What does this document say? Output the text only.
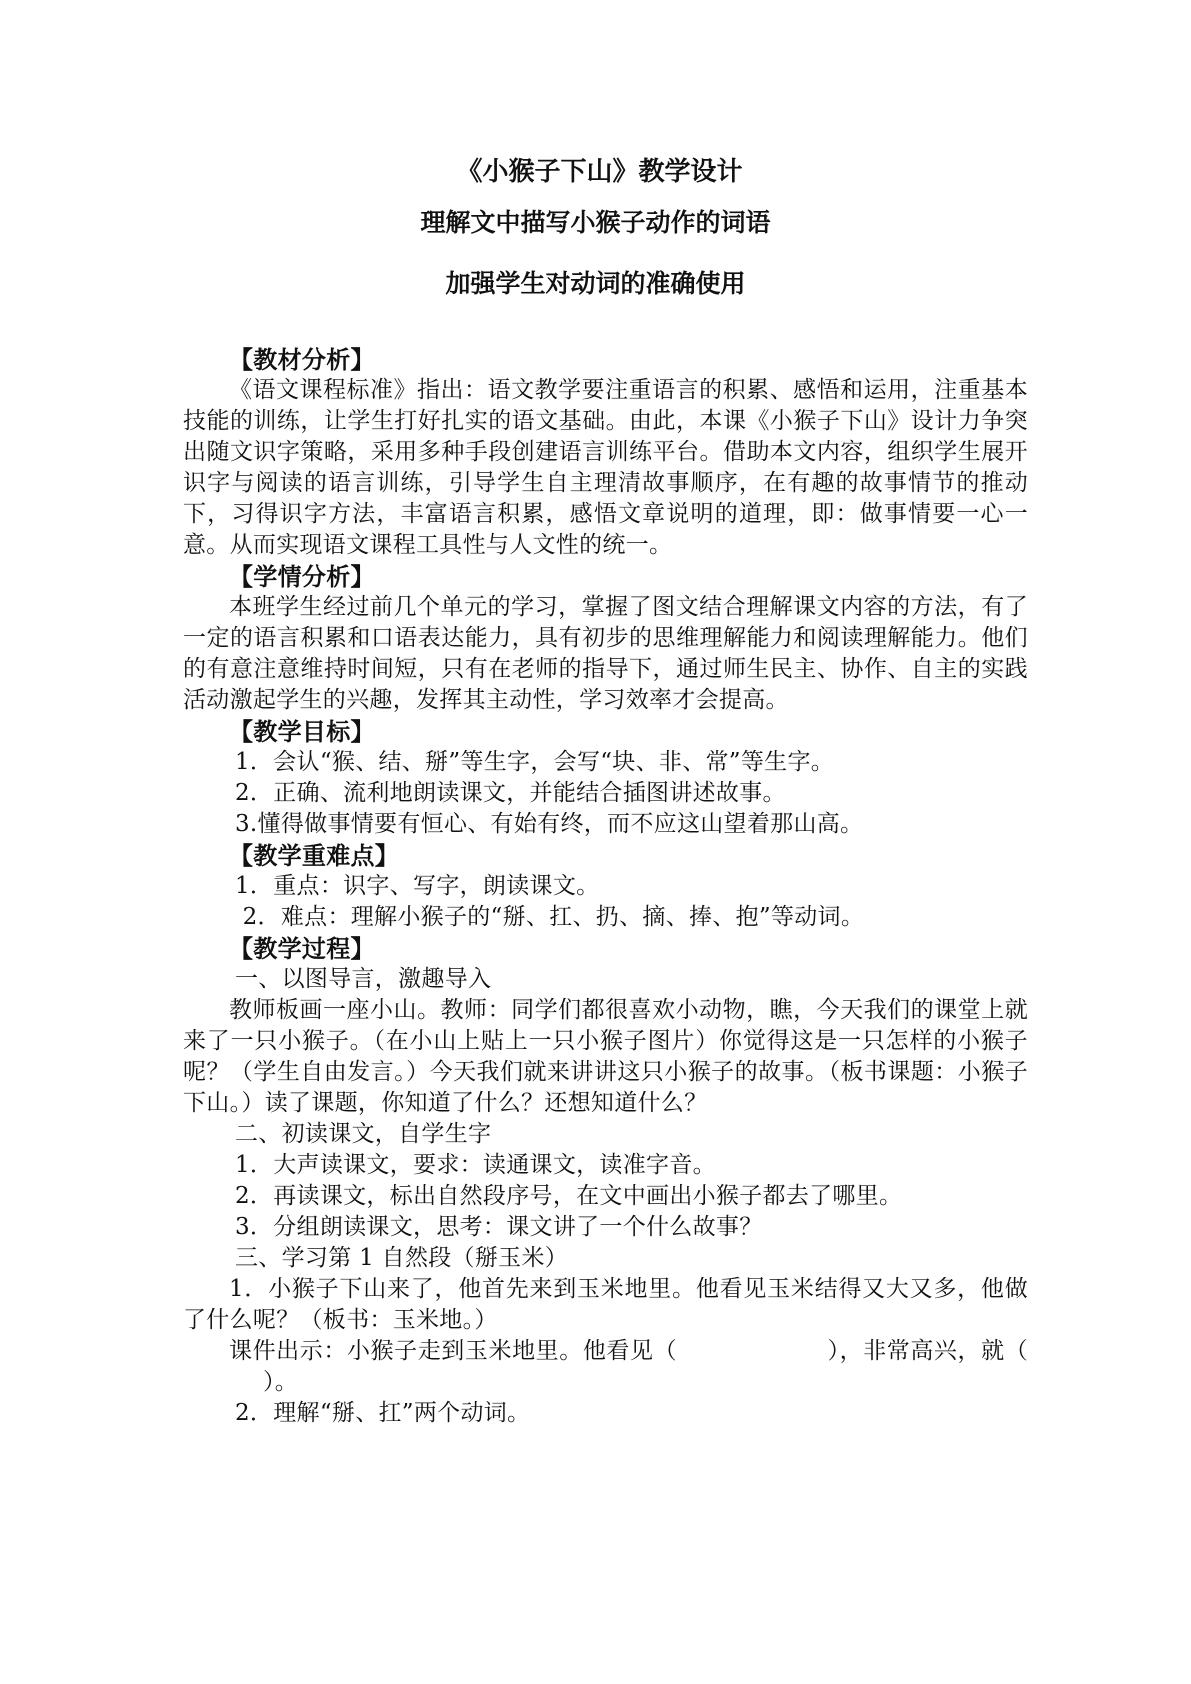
《小猴子下山》教学设计
理解文中描写小猴子动作的词语
加强学生对动词的准确使用
【教材分析】

《语文课程标准》指出：语文教学要注重语言的积累、感悟和运用，注重基本技能的训练，让学生打好扎实的语文基础。由此，本课《小猴子下山》设计力争突出随文识字策略，采用多种手段创建语言训练平台。借助本文内容，组织学生展开识字与阅读的语言训练，引导学生自主理清故事顺序，在有趣的故事情节的推动下，习得识字方法，丰富语言积累，感悟文章说明的道理，即：做事情要一心一意。从而实现语文课程工具性与人文性的统一。

【学情分析】

本班学生经过前几个单元的学习，掌握了图文结合理解课文内容的方法，有了一定的语言积累和口语表达能力，具有初步的思维理解能力和阅读理解能力。他们的有意注意维持时间短，只有在老师的指导下，通过师生民主、协作、自主的实践活动激起学生的兴趣，发挥其主动性，学习效率才会提高。

【教学目标】
1．会认“猴、结、掰”等生字，会写“块、非、常”等生字。
2．正确、流利地朗读课文，并能结合插图讲述故事。
3.懂得做事情要有恒心、有始有终，而不应这山望着那山高。
【教学重难点】
1．重点：识字、写字，朗读课文。
2．难点：理解小猴子的“掰、扛、扔、摘、捧、抱”等动词。
【教学过程】
一、以图导言，激趣导入

教师板画一座小山。教师：同学们都很喜欢小动物，瞧，今天我们的课堂上就来了一只小猴子。（在小山上贴上一只小猴子图片）你觉得这是一只怎样的小猴子呢？（学生自由发言。）今天我们就来讲讲这只小猴子的故事。（板书课题：小猴子下山。）读了课题，你知道了什么？还想知道什么？

二、初读课文，自学生字
1．大声读课文，要求：读通课文，读准字音。
2．再读课文，标出自然段序号，在文中画出小猴子都去了哪里。
3．分组朗读课文，思考：课文讲了一个什么故事？
三、学习第 1 自然段（掰玉米）

1．小猴子下山来了，他首先来到玉米地里。他看见玉米结得又大又多，他做了什么呢？（板书：玉米地。）

课件出示：小猴子走到玉米地里。他看见（	），非常高兴，就（）。

2．理解“掰、扛”两个动词。
